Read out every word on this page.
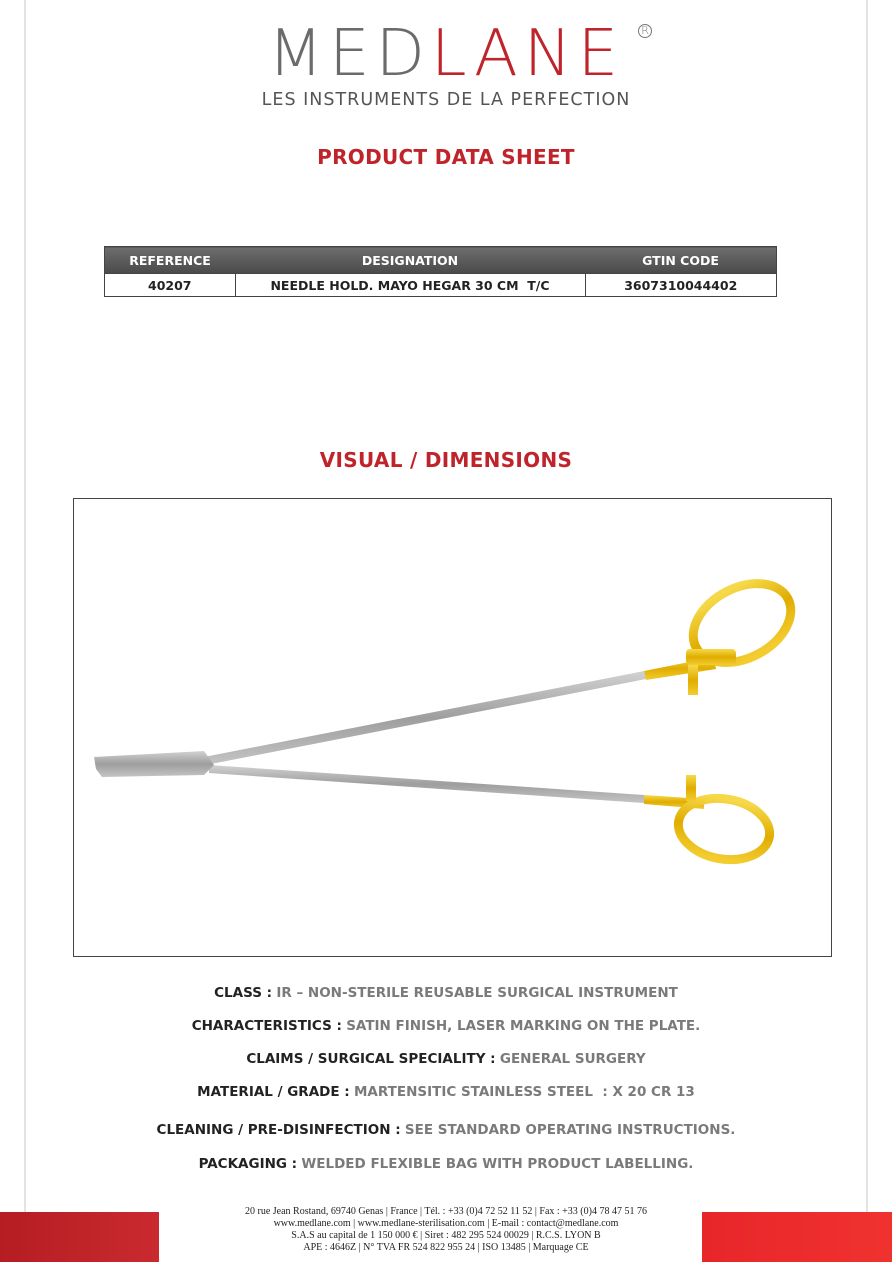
MEDLANE R
LES INSTRUMENTS DE LA PERFECTION
PRODUCT DATA SHEET
REFERENCE	DESIGNATION	GTIN CODE
40207	NEEDLE HOLD. MAYO HEGAR 30 CM  T/C	3607310044402
VISUAL / DIMENSIONS
CLASS : IR – NON-STERILE REUSABLE SURGICAL INSTRUMENT
CHARACTERISTICS : SATIN FINISH, LASER MARKING ON THE PLATE.
CLAIMS / SURGICAL SPECIALITY : GENERAL SURGERY
MATERIAL / GRADE : MARTENSITIC STAINLESS STEEL  : X 20 CR 13
CLEANING / PRE-DISINFECTION : SEE STANDARD OPERATING INSTRUCTIONS.
PACKAGING : WELDED FLEXIBLE BAG WITH PRODUCT LABELLING.
20 rue Jean Rostand, 69740 Genas | France | Tél. : +33 (0)4 72 52 11 52 | Fax : +33 (0)4 78 47 51 76
www.medlane.com | www.medlane-sterilisation.com | E-mail : contact@medlane.com
S.A.S au capital de 1 150 000 € | Siret : 482 295 524 00029 | R.C.S. LYON B
APE : 4646Z | N° TVA FR 524 822 955 24 | ISO 13485 | Marquage CE
